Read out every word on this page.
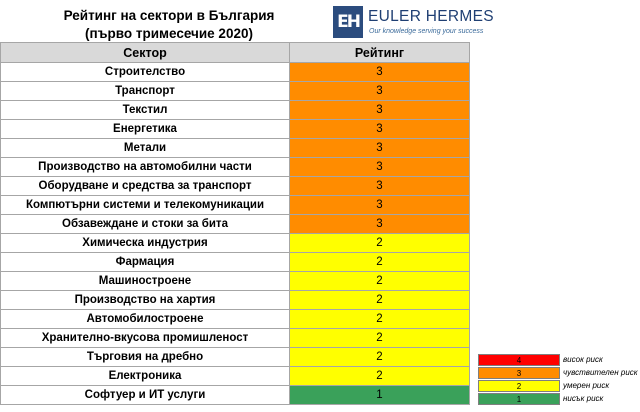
Рейтинг на сектори в България
(първо тримесечие 2020)
EH EULER HERMES
Our knowledge serving your success
Сектор	Рейтинг
Строителство	3
Транспорт	3
Текстил	3
Енергетика	3
Метали	3
Производство на автомобилни части	3
Оборудване и средства за транспорт	3
Компютърни системи и телекомуникации	3
Обзавеждане и стоки за бита	3
Химическа индустрия	2
Фармация	2
Машиностроене	2
Производство на хартия	2
Автомобилостроене	2
Хранително-вкусова промишленост	2
Търговия на дребно	2
Електроника	2
Софтуер и ИТ услуги	1
4	висок риск
3	чувствителен риск
2	умерен риск
1	нисък риск
